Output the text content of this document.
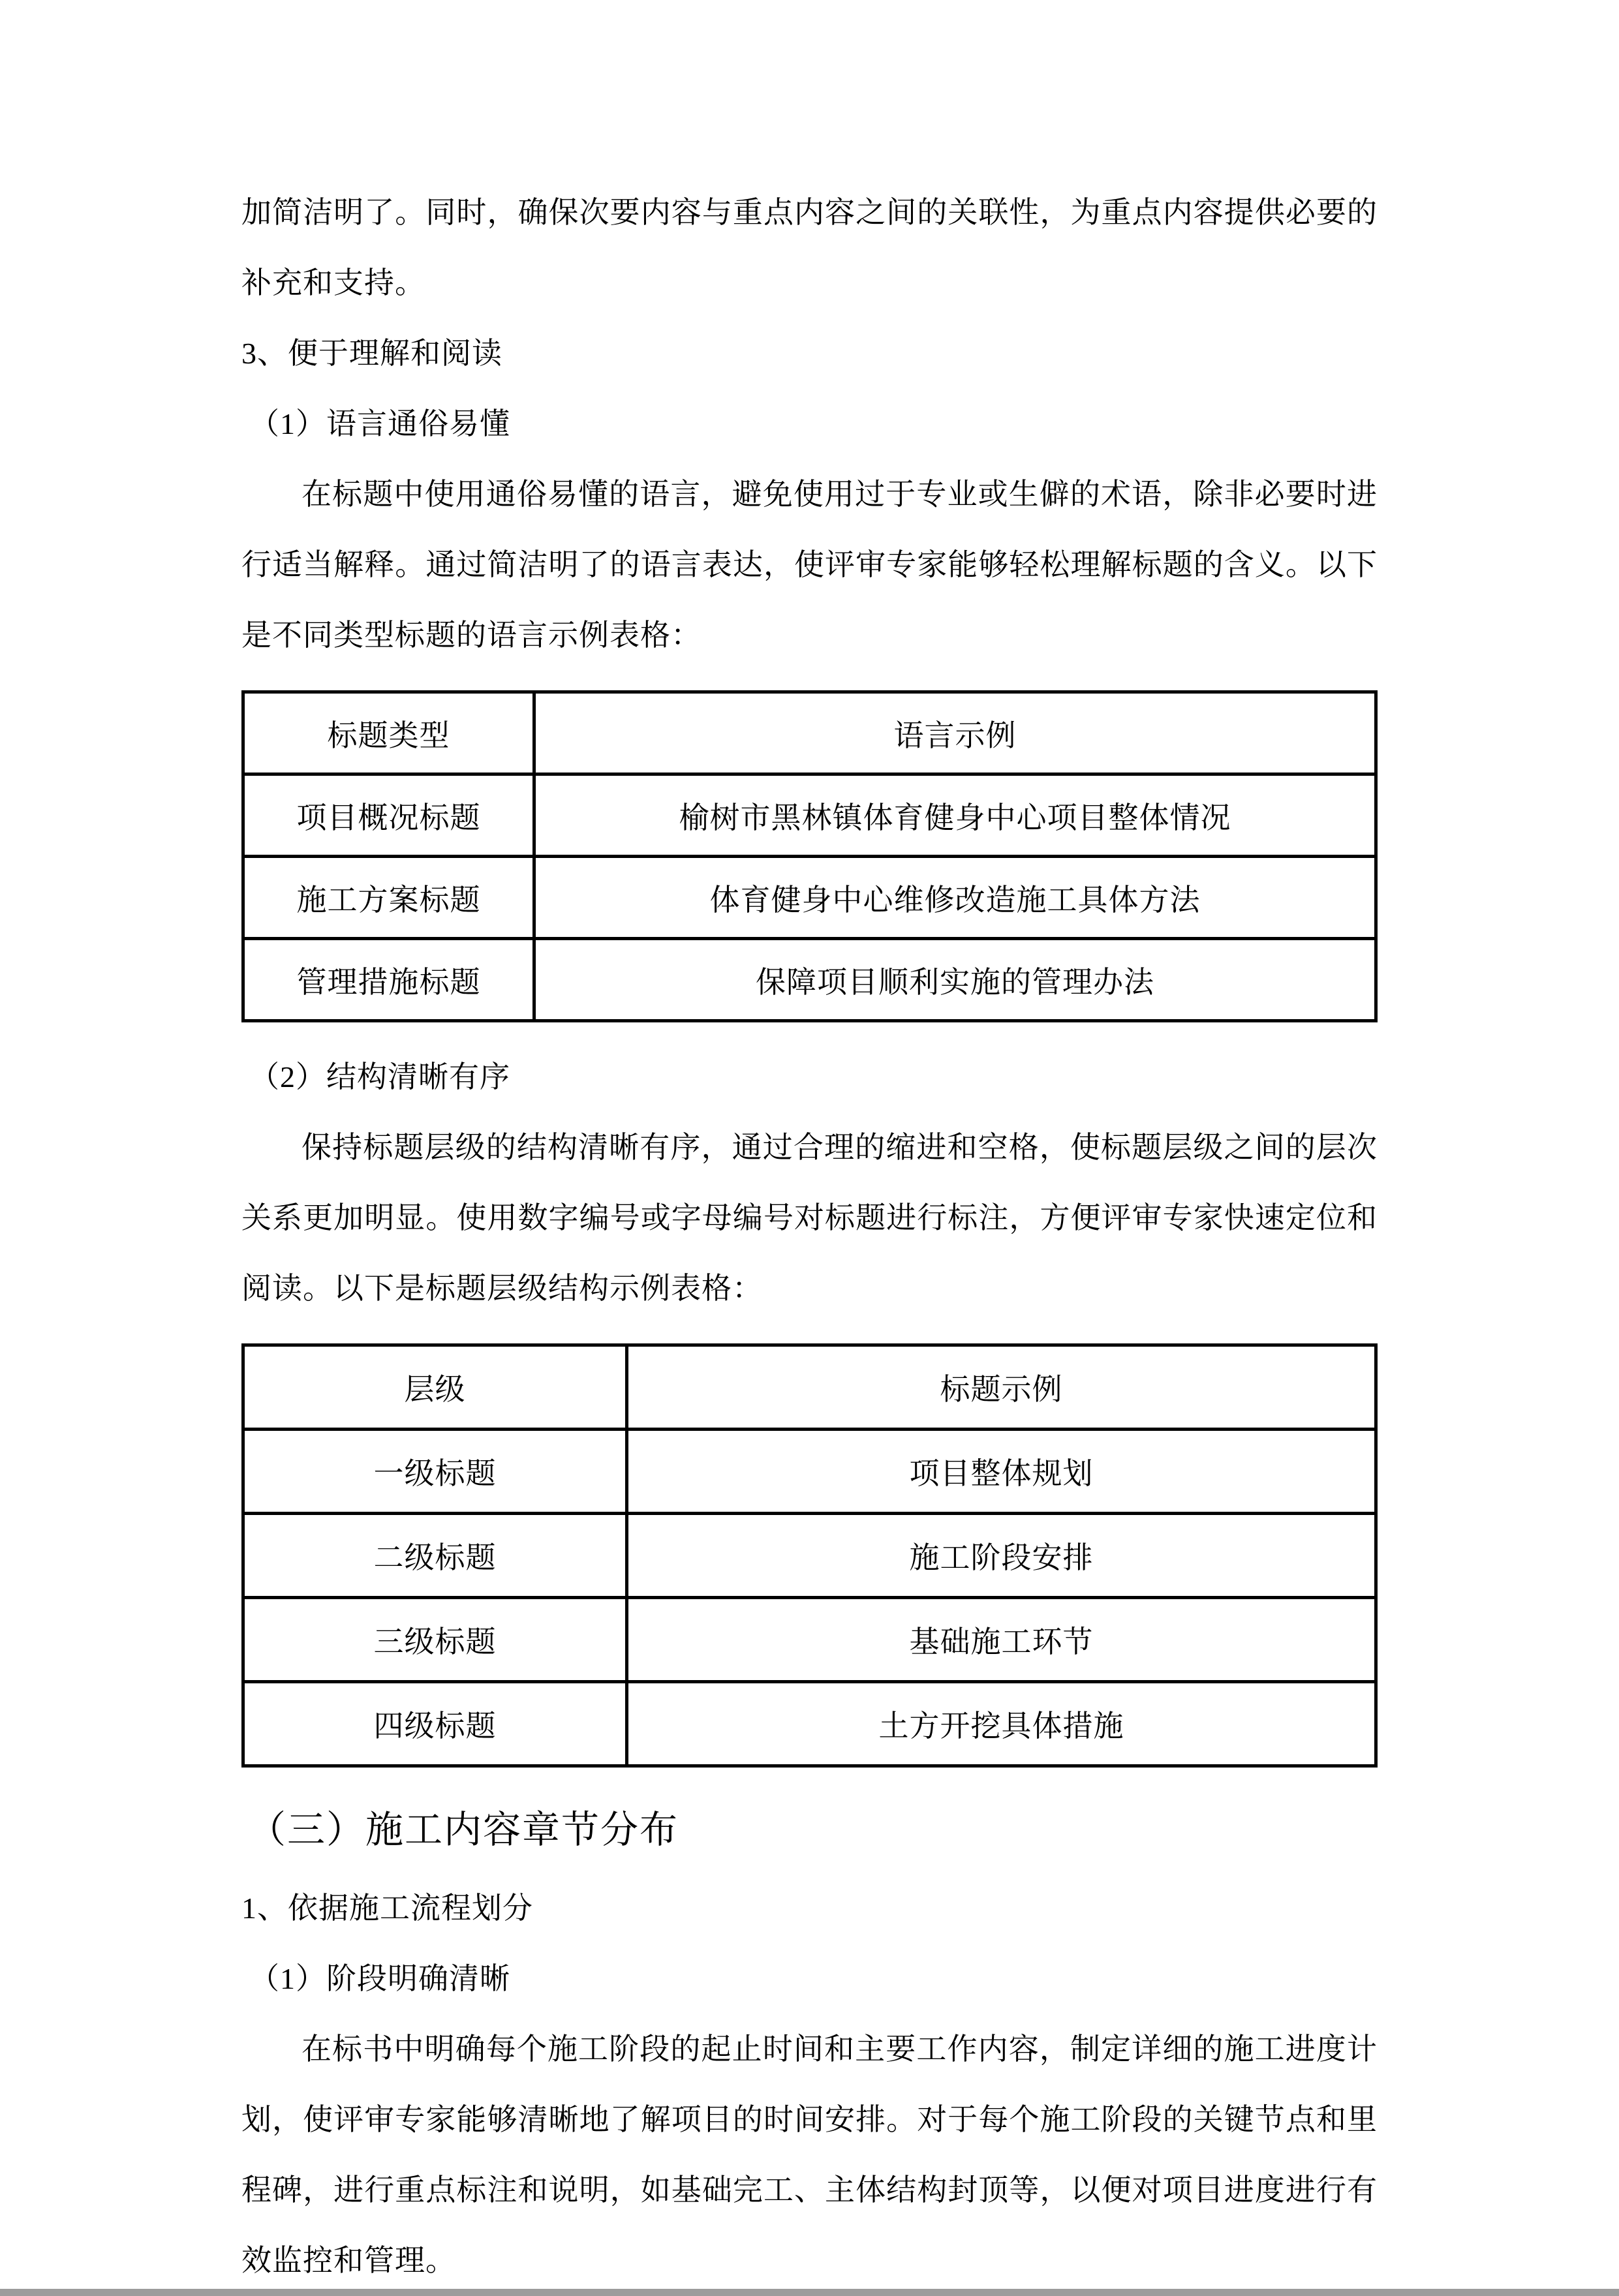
加简洁明了。同时，确保次要内容与重点内容之间的关联性，为重点内容提供必要的补充和支持。

3、便于理解和阅读
（1）语言通俗易懂

在标题中使用通俗易懂的语言，避免使用过于专业或生僻的术语，除非必要时进行适当解释。通过简洁明了的语言表达，使评审专家能够轻松理解标题的含义。以下是不同类型标题的语言示例表格：

标题类型	语言示例
项目概况标题	榆树市黑林镇体育健身中心项目整体情况
施工方案标题	体育健身中心维修改造施工具体方法
管理措施标题	保障项目顺利实施的管理办法
（2）结构清晰有序

保持标题层级的结构清晰有序，通过合理的缩进和空格，使标题层级之间的层次关系更加明显。使用数字编号或字母编号对标题进行标注，方便评审专家快速定位和阅读。以下是标题层级结构示例表格：

层级	标题示例
一级标题	项目整体规划
二级标题	施工阶段安排
三级标题	基础施工环节
四级标题	土方开挖具体措施
（三）施工内容章节分布
1、依据施工流程划分
（1）阶段明确清晰

在标书中明确每个施工阶段的起止时间和主要工作内容，制定详细的施工进度计划，使评审专家能够清晰地了解项目的时间安排。对于每个施工阶段的关键节点和里程碑，进行重点标注和说明，如基础完工、主体结构封顶等，以便对项目进度进行有效监控和管理。
